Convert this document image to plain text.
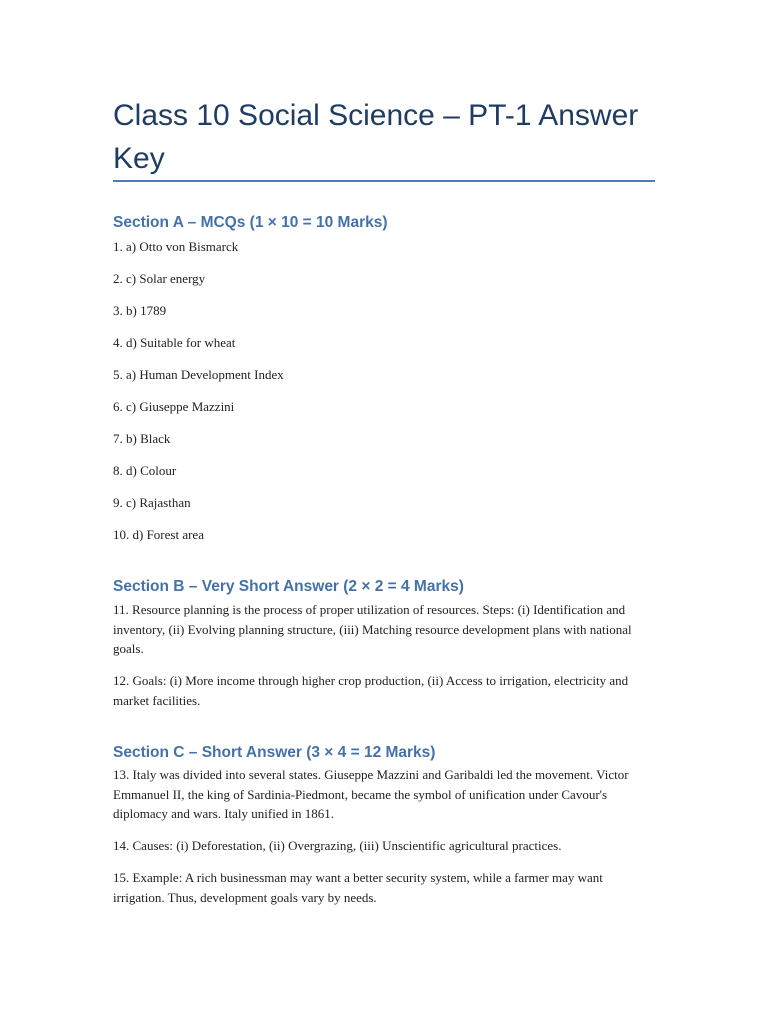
Class 10 Social Science – PT-1 Answer Key
Section A – MCQs (1 × 10 = 10 Marks)

1. a) Otto von Bismarck

2. c) Solar energy

3. b) 1789

4. d) Suitable for wheat

5. a) Human Development Index

6. c) Giuseppe Mazzini

7. b) Black

8. d) Colour

9. c) Rajasthan

10. d) Forest area

Section B – Very Short Answer (2 × 2 = 4 Marks)

11. Resource planning is the process of proper utilization of resources. Steps: (i) Identification and inventory, (ii) Evolving planning structure, (iii) Matching resource development plans with national goals.

12. Goals: (i) More income through higher crop production, (ii) Access to irrigation, electricity and market facilities.

Section C – Short Answer (3 × 4 = 12 Marks)

13. Italy was divided into several states. Giuseppe Mazzini and Garibaldi led the movement. Victor Emmanuel II, the king of Sardinia-Piedmont, became the symbol of unification under Cavour's diplomacy and wars. Italy unified in 1861.

14. Causes: (i) Deforestation, (ii) Overgrazing, (iii) Unscientific agricultural practices.

15. Example: A rich businessman may want a better security system, while a farmer may want irrigation. Thus, development goals vary by needs.
